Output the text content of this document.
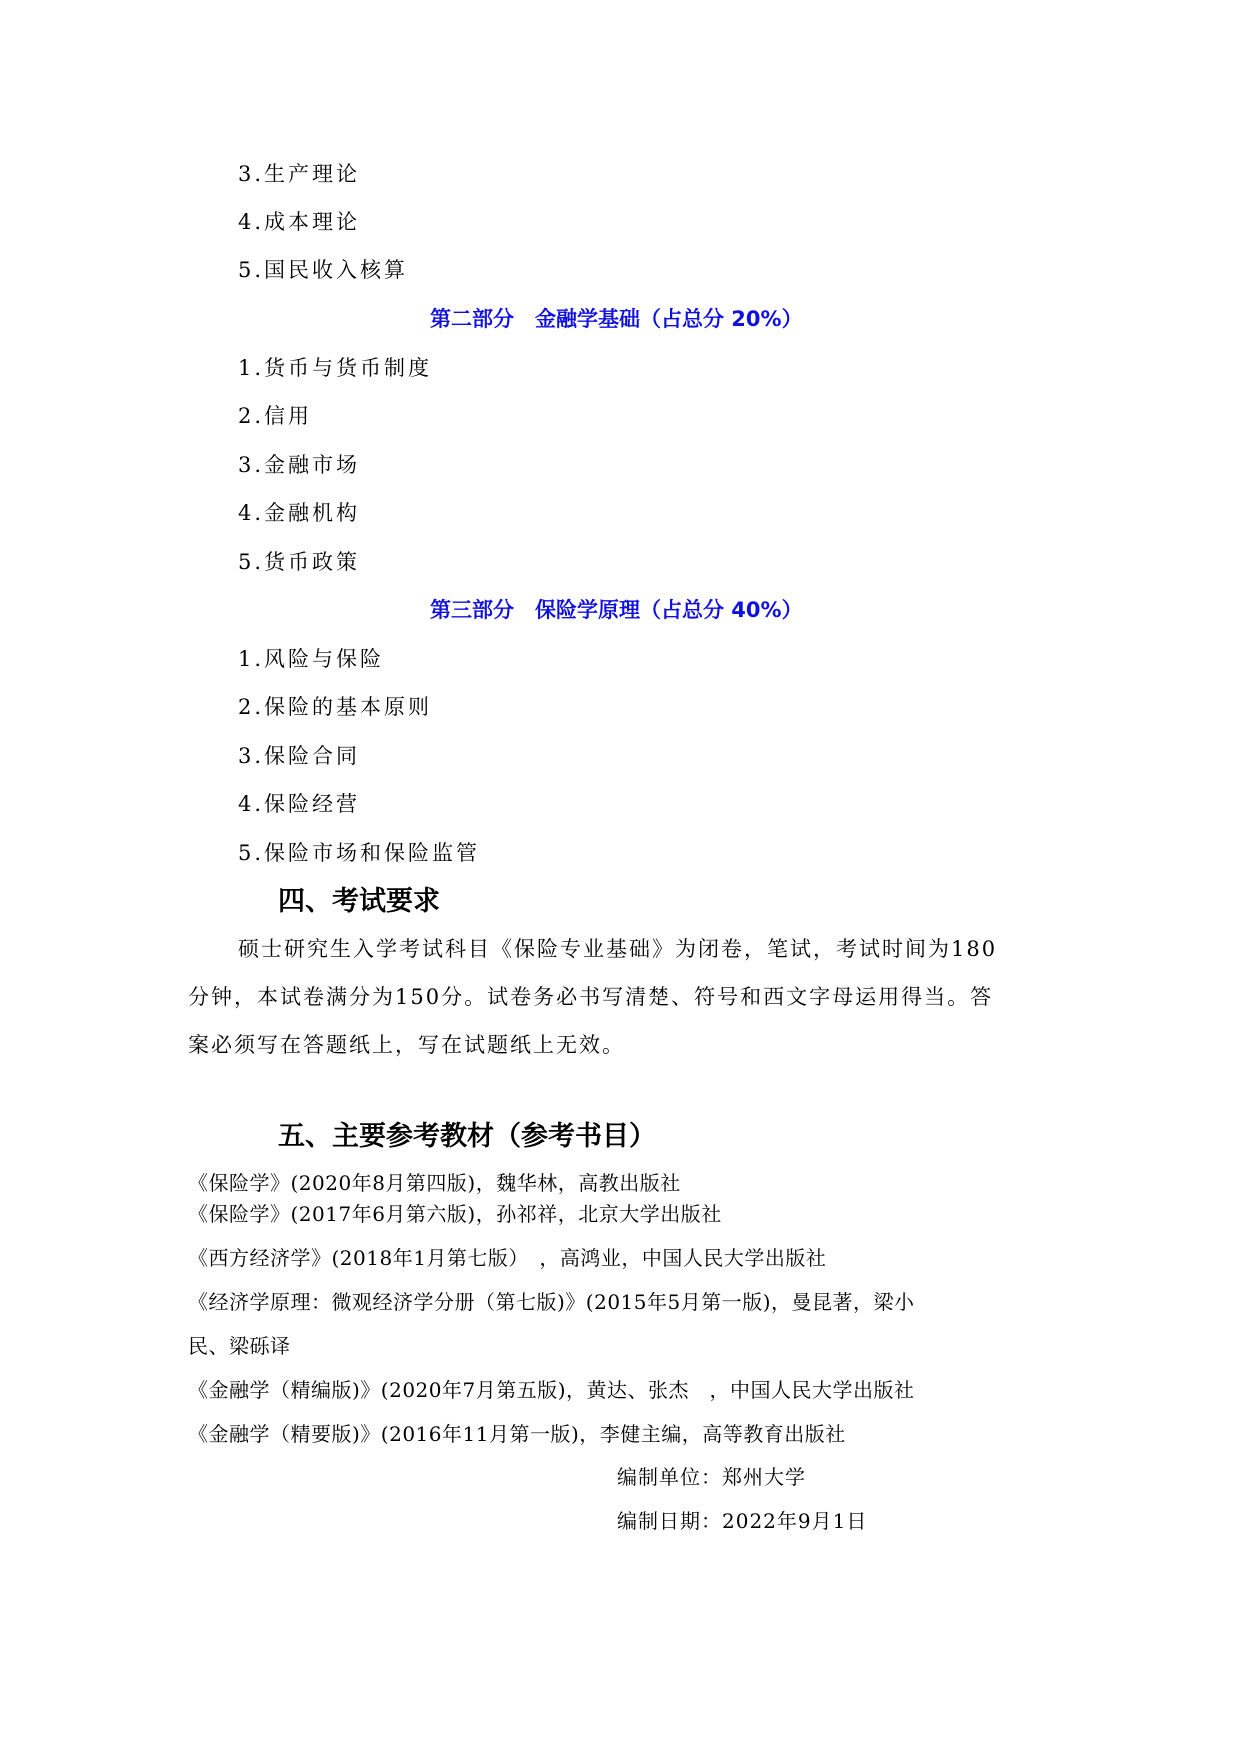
3.生产理论
4.成本理论
5.国民收入核算
第二部分　金融学基础（占总分 20%）
1.货币与货币制度
2.信用
3.金融市场
4.金融机构
5.货币政策
第三部分　保险学原理（占总分 40%）
1.风险与保险
2.保险的基本原则
3.保险合同
4.保险经营
5.保险市场和保险监管
四、考试要求
硕士研究生入学考试科目《保险专业基础》为闭卷，笔试，考试时间为180
分钟，本试卷满分为150分。试卷务必书写清楚、符号和西文字母运用得当。答
案必须写在答题纸上，写在试题纸上无效。
五、主要参考教材（参考书目）
《保险学》(2020年8月第四版)，魏华林，高教出版社
《保险学》(2017年6月第六版)，孙祁祥，北京大学出版社
《西方经济学》(2018年1月第七版）　，高鸿业，中国人民大学出版社
《经济学原理：微观经济学分册（第七版)》(2015年5月第一版)，曼昆著，梁小
民、梁砾译
《金融学（精编版)》(2020年7月第五版)，黄达、张杰　，中国人民大学出版社
《金融学（精要版)》(2016年11月第一版)，李健主编，高等教育出版社
编制单位：郑州大学
编制日期：2022年9月1日
